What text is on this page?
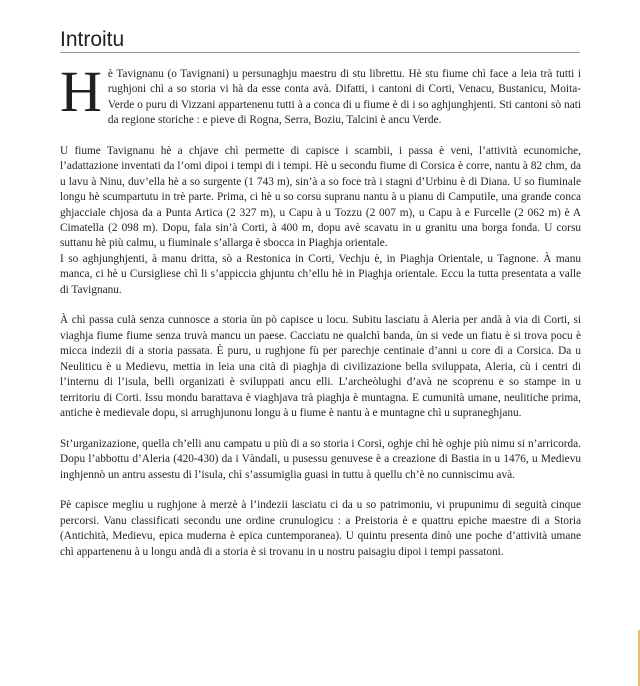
Introitu

Hè Tavignanu (o Tavignani) u persunaghju maestru di stu librettu. Hè stu fiume chì face a leia trà tutti i rughjoni chì a so storia vi hà da esse conta avà. Difatti, i cantoni di Corti, Venacu, Bustanicu, Moita-Verde o puru di Vizzani appartenenu tutti à a conca di u fiume è di i so aghjunghjenti. Sti cantoni sò nati da regione storiche : e pieve di Rogna, Serra, Boziu, Talcini è ancu Verde.

U fiume Tavignanu hè a chjave chì permette di capisce i scambii, i passa è veni, l’attività ecunomiche, l’adattazione inventati da l’omi dipoi i tempi di i tempi. Hè u secondu fiume di Corsica è corre, nantu à 82 chm, da u lavu à Ninu, duv’ella hè a so surgente (1 743 m), sin’à a so foce trà i stagni d’Urbinu è di Diana. U so fiuminale longu hè scumpartutu in trè parte. Prima, ci hè u so corsu supranu nantu à u pianu di Camputile, una grande conca ghjacciale chjosa da a Punta Artica (2 327 m), u Capu à u Tozzu (2 007 m), u Capu à e Furcelle (2 062 m) è A Cimatella (2 098 m). Dopu, fala sin’à Corti, à 400 m, dopu avè scavatu in u granitu una borga fonda. U corsu suttanu hè più calmu, u fiuminale s’allarga è sbocca in Piaghja orientale.

I so aghjunghjenti, à manu dritta, sò a Restonica in Corti, Vechju è, in Piaghja Orientale, u Tagnone. À manu manca, ci hè u Cursigliese chì li s’appiccia ghjuntu ch’ellu hè in Piaghja orientale. Eccu la tutta presentata a valle di Tavignanu.

À chì passa culà senza cunnosce a storia ùn pò capisce u locu. Subitu lasciatu à Aleria per andà à via di Corti, si viaghja fiume fiume senza truvà mancu un paese. Cacciatu ne qualchì banda, ùn si vede un fiatu è si trova pocu è micca indezii di a storia passata. È puru, u rughjone fù per parechje centinaie d’anni u core di a Corsica. Da u Neuliticu è u Medievu, mettia in leia una cità di piaghja di civilizazione bella sviluppata, Aleria, cù i centri di l’internu di l’isula, belli organizati è sviluppati ancu elli. L’archeòlughi d’avà ne scoprenu e so stampe in u territoriu di Corti. Issu mondu barattava è viaghjava trà piaghja è muntagna. E cumunità umane, neulitiche prima, antiche è medievale dopu, si arrughjunonu longu à u fiume è nantu à e muntagne chì u supraneghjanu.

St’urganizazione, quella ch’elli anu campatu u più di a so storia i Corsi, oghje chì hè oghje più nimu si n’arricorda. Dopu l’abbottu d’Aleria (420-430) da i Vàndali, u pusessu genuvese è a creazione di Bastia in u 1476, u Medievu inghjennò un antru assestu di l’isula, chì s’assumiglia guasi in tuttu à quellu ch’è no cunniscimu avà.

Pè capisce megliu u rughjone à merzè à l’indezii lasciatu ci da u so patrimoniu, vi prupunimu di seguità cinque percorsi. Vanu classificati secondu une ordine crunulogicu : a Preistoria è e quattru epiche maestre di a Storia (Antichità, Medievu, epica muderna è epica cuntemporanea). U quintu presenta dinò une poche d’attività umane chì appartenenu à u longu andà di a storia è si trovanu in u nostru paisagiu dipoi i tempi passatoni.
